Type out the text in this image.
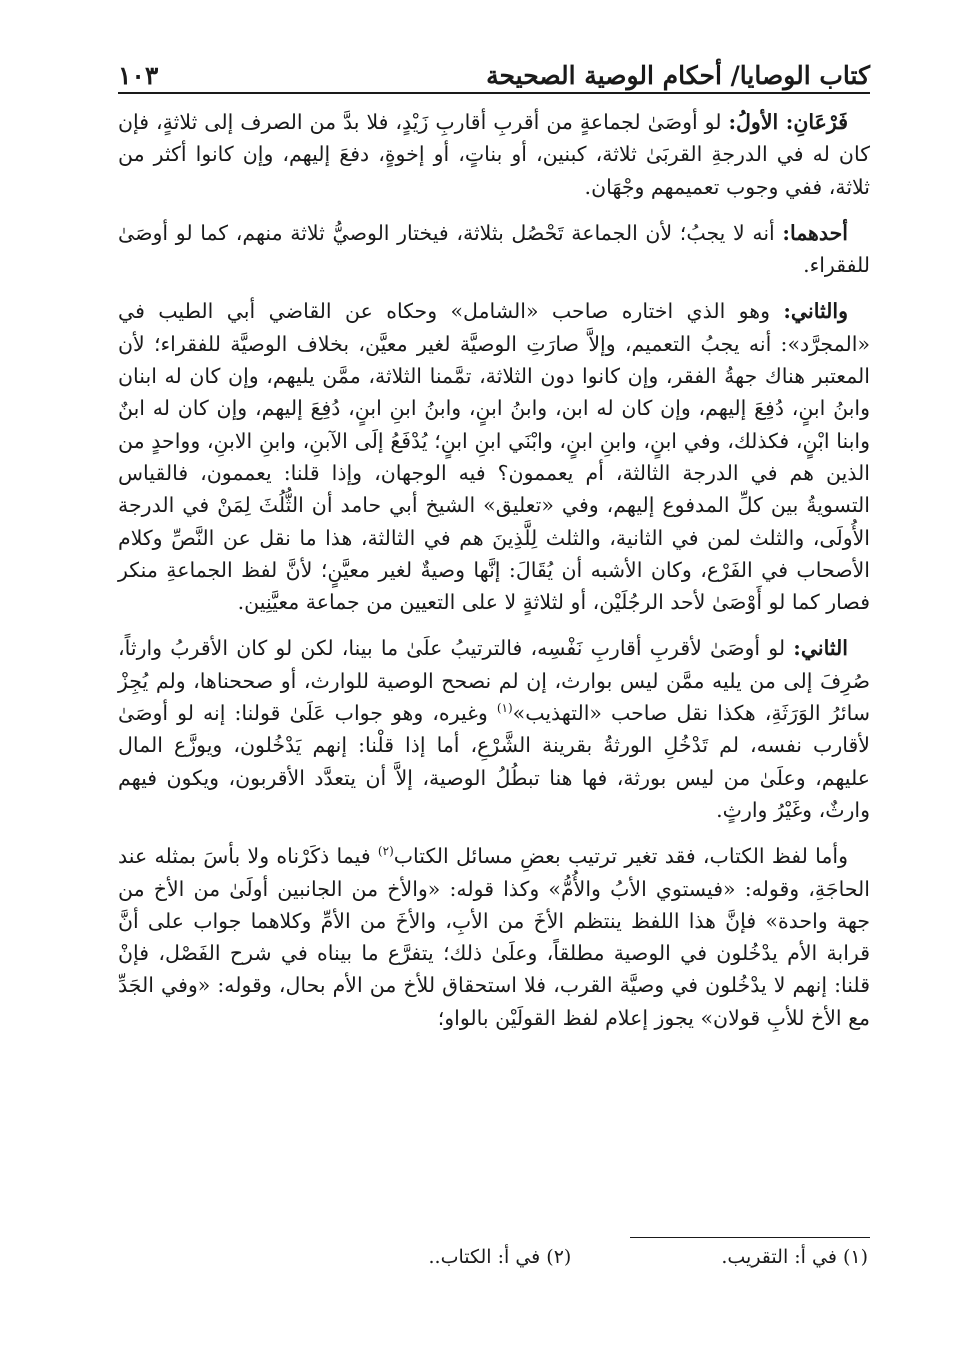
كتاب الوصايا/ أحكام الوصية الصحيحة
١٠٣

فَرْعَانِ: الأولُ: لو أوصَىٰ لجماعةٍ من أقربِ أقاربِ زَيْدٍ، فلا بدَّ من الصرف إلى ثلاثةٍ، فإن كان له في الدرجةِ القربَىٰ ثلاثة، كبنين، أو بناتٍ، أو إخوةٍ، دفعَ إليهم، وإن كانوا أكثر من ثلاثة، ففي وجوب تعميمهم وجْهَان.

أحدهما: أنه لا يجبُ؛ لأن الجماعة تَحْصُل بثلاثة، فيختار الوصيُّ ثلاثة منهم، كما لو أوصَىٰ للفقراء.

والثاني: وهو الذي اختاره صاحب «الشامل» وحكاه عن القاضي أبي الطيب في «المجرَّد»: أنه يجبُ التعميم، وإلاَّ صارَتِ الوصيَّة لغير معيَّن، بخلاف الوصيَّة للفقراء؛ لأن المعتبر هناك جهةُ الفقر، وإن كانوا دون الثلاثة، تمَّمنا الثلاثة، ممَّن يليهم، وإن كان له ابنان وابنُ ابنٍ، دُفِعَ إليهم، وإن كان له ابن، وابنُ ابنٍ، وابنُ ابنِ ابنٍ، دُفِعَ إليهم، وإن كان له ابنٌ وابنا ابْنٍ، فكذلك، وفي ابنٍ، وابنِ ابنٍ، وابْنَي ابنِ ابنٍ؛ يُدْفَعُ إلَى الآبنِ، وابنِ الابنِ، وواحدٍ من الذين هم في الدرجة الثالثة، أم يعممون؟ فيه الوجهان، وإذا قلنا: يعممون، فالقياس التسويةُ بين كلِّ المدفوع إليهم، وفي «تعليق» الشيخ أبي حامد أن الثُّلُثَ لِمَنْ في الدرجة الأُولَى، والثلث لمن في الثانية، والثلث لِلَّذِينَ هم في الثالثة، هذا ما نقل عن النَّصِّ وكلام الأصحاب في الفَرْع، وكان الأشبه أن يُقَالَ: إنَّها وصيةٌ لغير معيَّنٍ؛ لأنَّ لفظ الجماعةِ منكر فصار كما لو أَوْصَىٰ لأحد الرجُلَيْن، أو لثلاثةٍ لا على التعيين من جماعة معيَّنِين.

الثاني: لو أوصَىٰ لأقربِ أقاربِ نَفْسِه، فالترتيبُ علَىٰ ما بينا، لكن لو كان الأقربُ وارثاً، صُرِفَ إلى من يليه ممَّن ليس بوارث، إن لم نصحح الوصية للوارث، أو صححناها، ولم يُجِزْ سائرُ الوَرَثَةِ، هكذا نقل صاحب «التهذيب»$^{(١)}$ وغيره، وهو جواب عَلَىٰ قولنا: إنه لو أوصَىٰ لأقارب نفسه، لم تَدْخُلِ الورثةُ بقرينة الشَّرْعِ، أما إذا قلْنا: إنهم يَدْخُلون، ويوزَّع المال عليهم، وعلَىٰ من ليس بورثة، فها هنا تبطُلُ الوصية، إلاَّ أن يتعدَّد الأقربون، ويكون فيهم وارثٌ، وغَيْرُ وارثٍ.

وأما لفظ الكتاب، فقد تغير ترتيب بعضِ مسائل الكتاب$^{(٢)}$ فيما ذكَرْناه ولا بأسَ بمثله عند الحاجَةِ، وقوله: «فيستوي الأبُ والأُمُّ» وكذا قوله: «والأخ من الجانبين أولَىٰ من الأخ من جهة واحدة» فإنَّ هذا اللفظ ينتظم الأخَ من الأبِ، والأخَ من الأمِّ وكلاهما جواب على أنَّ قرابة الأم يدْخُلون في الوصية مطلقاً، وعلَىٰ ذلك؛ يتفرَّع ما بيناه في شرح الفَصْل، فإنْ قلنا: إنهم لا يدْخُلون في وصيَّة القرب، فلا استحقاق للأخ من الأم بحال، وقوله: «وفي الجَدِّ مع الأخ للأبِ قولان» يجوز إعلام لفظ القولَيْن بالواو؛

(١) في أ: التقريب.
(٢) في أ: الكتاب..
